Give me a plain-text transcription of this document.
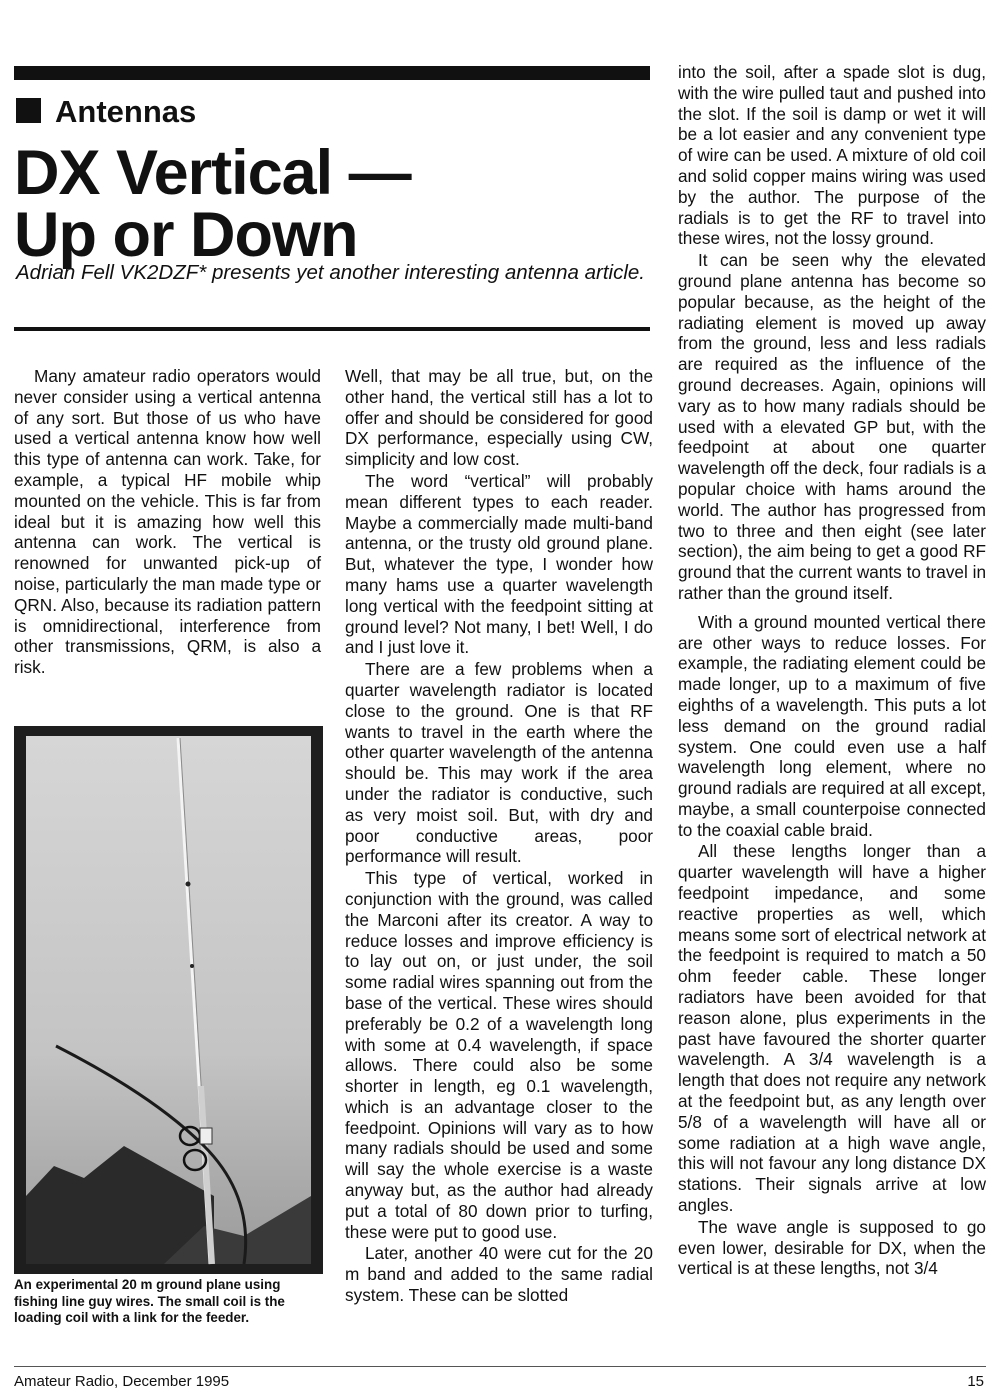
Antennas
DX Vertical —
Up or Down

Adrian Fell VK2DZF* presents yet another interesting antenna article.

Many amateur radio operators would never consider using a vertical antenna of any sort. But those of us who have used a vertical antenna know how well this type of antenna can work. Take, for example, a typical HF mobile whip mounted on the vehicle. This is far from ideal but it is amazing how well this antenna can work. The vertical is renowned for unwanted pick-up of noise, particularly the man made type or QRN. Also, because its radiation pattern is omnidirectional, interference from other transmissions, QRM, is also a risk.

An experimental 20 m ground plane using fishing line guy wires. The small coil is the loading coil with a link for the feeder.

Well, that may be all true, but, on the other hand, the vertical still has a lot to offer and should be considered for good DX performance, especially using CW, simplicity and low cost.

The word “vertical” will probably mean different types to each reader. Maybe a commercially made multi-band antenna, or the trusty old ground plane. But, whatever the type, I wonder how many hams use a quarter wavelength long vertical with the feedpoint sitting at ground level? Not many, I bet! Well, I do and I just love it.

There are a few problems when a quarter wavelength radiator is located close to the ground. One is that RF wants to travel in the earth where the other quarter wavelength of the antenna should be. This may work if the area under the radiator is conductive, such as very moist soil. But, with dry and poor conductive areas, poor performance will result.

This type of vertical, worked in conjunction with the ground, was called the Marconi after its creator. A way to reduce losses and improve efficiency is to lay out on, or just under, the soil some radial wires spanning out from the base of the vertical. These wires should preferably be 0.2 of a wavelength long with some at 0.4 wavelength, if space allows. There could also be some shorter in length, eg 0.1 wavelength, which is an advantage closer to the feedpoint. Opinions will vary as to how many radials should be used and some will say the whole exercise is a waste anyway but, as the author had already put a total of 80 down prior to turfing, these were put to good use.

Later, another 40 were cut for the 20 m band and added to the same radial system. These can be slotted

into the soil, after a spade slot is dug, with the wire pulled taut and pushed into the slot. If the soil is damp or wet it will be a lot easier and any convenient type of wire can be used. A mixture of old coil and solid copper mains wiring was used by the author. The purpose of the radials is to get the RF to travel into these wires, not the lossy ground.

It can be seen why the elevated ground plane antenna has become so popular because, as the height of the radiating element is moved up away from the ground, less and less radials are required as the influence of the ground decreases. Again, opinions will vary as to how many radials should be used with a elevated GP but, with the feedpoint at about one quarter wavelength off the deck, four radials is a popular choice with hams around the world. The author has progressed from two to three and then eight (see later section), the aim being to get a good RF ground that the current wants to travel in rather than the ground itself.

With a ground mounted vertical there are other ways to reduce losses. For example, the radiating element could be made longer, up to a maximum of five eighths of a wavelength. This puts a lot less demand on the ground radial system. One could even use a half wavelength long element, where no ground radials are required at all except, maybe, a small counterpoise connected to the coaxial cable braid.

All these lengths longer than a quarter wavelength will have a higher feedpoint impedance, and some reactive properties as well, which means some sort of electrical network at the feedpoint is required to match a 50 ohm feeder cable. These longer radiators have been avoided for that reason alone, plus experiments in the past have favoured the shorter quarter wavelength. A 3/4 wavelength is a length that does not require any network at the feedpoint but, as any length over 5/8 of a wavelength will have all or some radiation at a high wave angle, this will not favour any long distance DX stations. Their signals arrive at low angles.

The wave angle is supposed to go even lower, desirable for DX, when the vertical is at these lengths, not 3/4

Amateur Radio, December 1995	15
